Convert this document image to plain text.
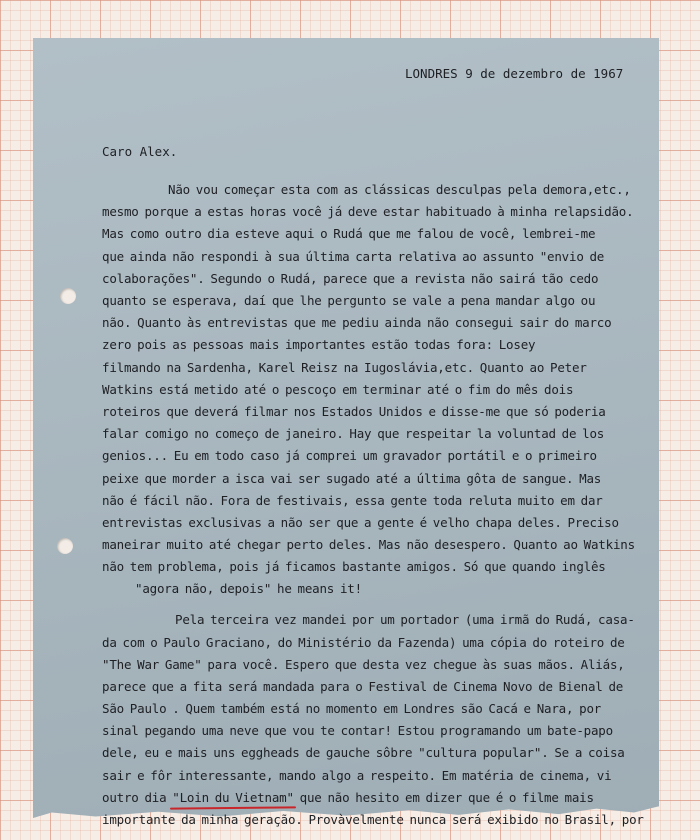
LONDRES 9 de dezembro de 1967
Caro Alex.
Não vou começar esta com as clássicas desculpas pela demora,etc.,
mesmo porque a estas horas você já deve estar habituado à minha relapsidão.
Mas como outro dia esteve aqui o Rudá que me falou de você, lembrei-me
que ainda não respondi à sua última carta relativa ao assunto "envio de
colaborações". Segundo o Rudá, parece que a revista não sairá tão cedo
quanto se esperava, daí que lhe pergunto se vale a pena mandar algo ou
não. Quanto às entrevistas que me pediu ainda não consegui sair do marco
zero pois as pessoas mais importantes estão todas fora: Losey
filmando na Sardenha, Karel Reisz na Iugoslávia,etc. Quanto ao Peter
Watkins está metido até o pescoço em terminar até o fim do mês dois
roteiros que deverá filmar nos Estados Unidos e disse-me que só poderia
falar comigo no começo de janeiro. Hay que respeitar la voluntad de los
genios... Eu em todo caso já comprei um gravador portátil e o primeiro
peixe que morder a isca vai ser sugado até a última gôta de sangue. Mas
não é fácil não. Fora de festivais, essa gente toda reluta muito em dar
entrevistas exclusivas a não ser que a gente é velho chapa deles. Preciso
maneirar muito até chegar perto deles. Mas não desespero. Quanto ao Watkins
não tem problema, pois já ficamos bastante amigos. Só que quando inglês
"agora não, depois" he means it!
Pela terceira vez mandei por um portador (uma irmã do Rudá, casa-
da com o Paulo Graciano, do Ministério da Fazenda) uma cópia do roteiro de
"The War Game" para você. Espero que desta vez chegue às suas mãos. Aliás,
parece que a fita será mandada para o Festival de Cinema Novo de Bienal de
São Paulo . Quem também está no momento em Londres são Cacá e Nara, por
sinal pegando uma neve que vou te contar! Estou programando um bate-papo
dele, eu e mais uns eggheads de gauche sôbre "cultura popular". Se a coisa
sair e fôr interessante, mando algo a respeito. Em matéria de cinema, vi
outro dia "Loin du Vietnam" que não hesito em dizer que é o filme mais
importante da minha geração. Provàvelmente nunca será exibido no Brasil, por
